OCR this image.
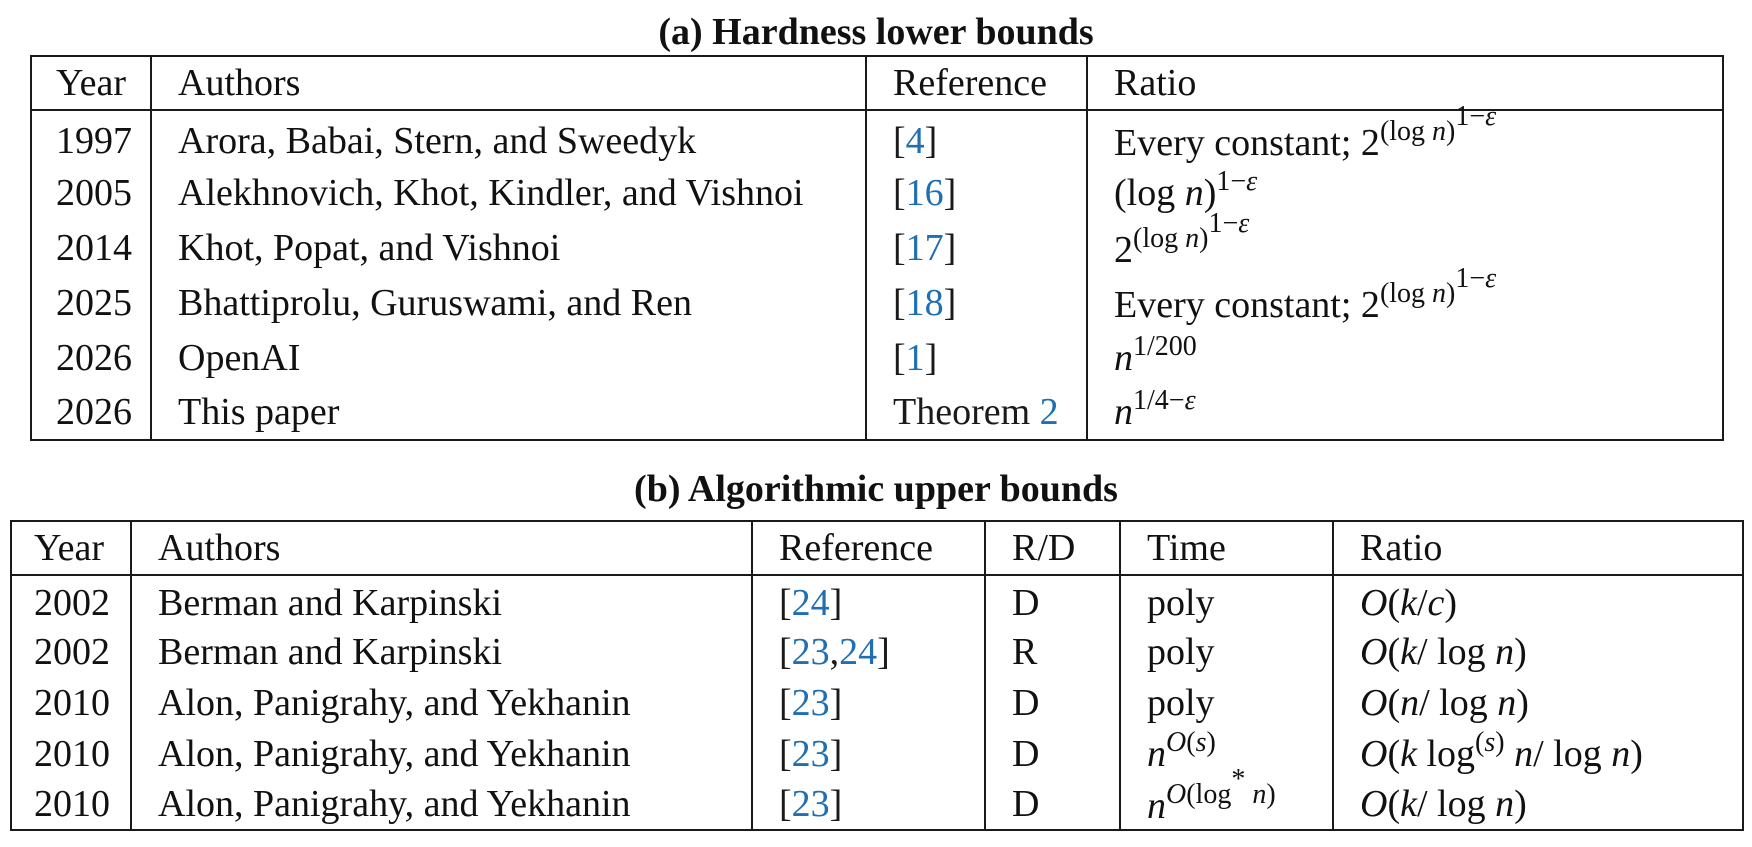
(a) Hardness lower bounds
Year	Authors	Reference	Ratio
1997	Arora, Babai, Stern, and Sweedyk	[4]	Every constant; $2^{(log n)^{1-\varepsilon}}$
2005	Alekhnovich, Khot, Kindler, and Vishnoi	[16]	(log n)$^{1-\varepsilon}$
2014	Khot, Popat, and Vishnoi	[17]	$2^{(log n)^{1-\varepsilon}}$
2025	Bhattiprolu, Guruswami, and Ren	[18]	Every constant; $2^{(log n)^{1-\varepsilon}}$
2026	OpenAI	[1]	$n^{1/200}$
2026	This paper	Theorem 2	$n^{1/4-\varepsilon}$
(b) Algorithmic upper bounds
Year	Authors	Reference	R/D	Time	Ratio
2002	Berman and Karpinski	[24]	D	poly	O(k/c)
2002	Berman and Karpinski	[23,24]	R	poly	O(k/ log n)
2010	Alon, Panigrahy, and Yekhanin	[23]	D	poly	O(n/ log n)
2010	Alon, Panigrahy, and Yekhanin	[23]	D	$n^{O(s)}$	O(k $\log^{(s)} n/$ log n)
2010	Alon, Panigrahy, and Yekhanin	[23]	D	$n^{O(log^* n)}$	O(k/ log n)
